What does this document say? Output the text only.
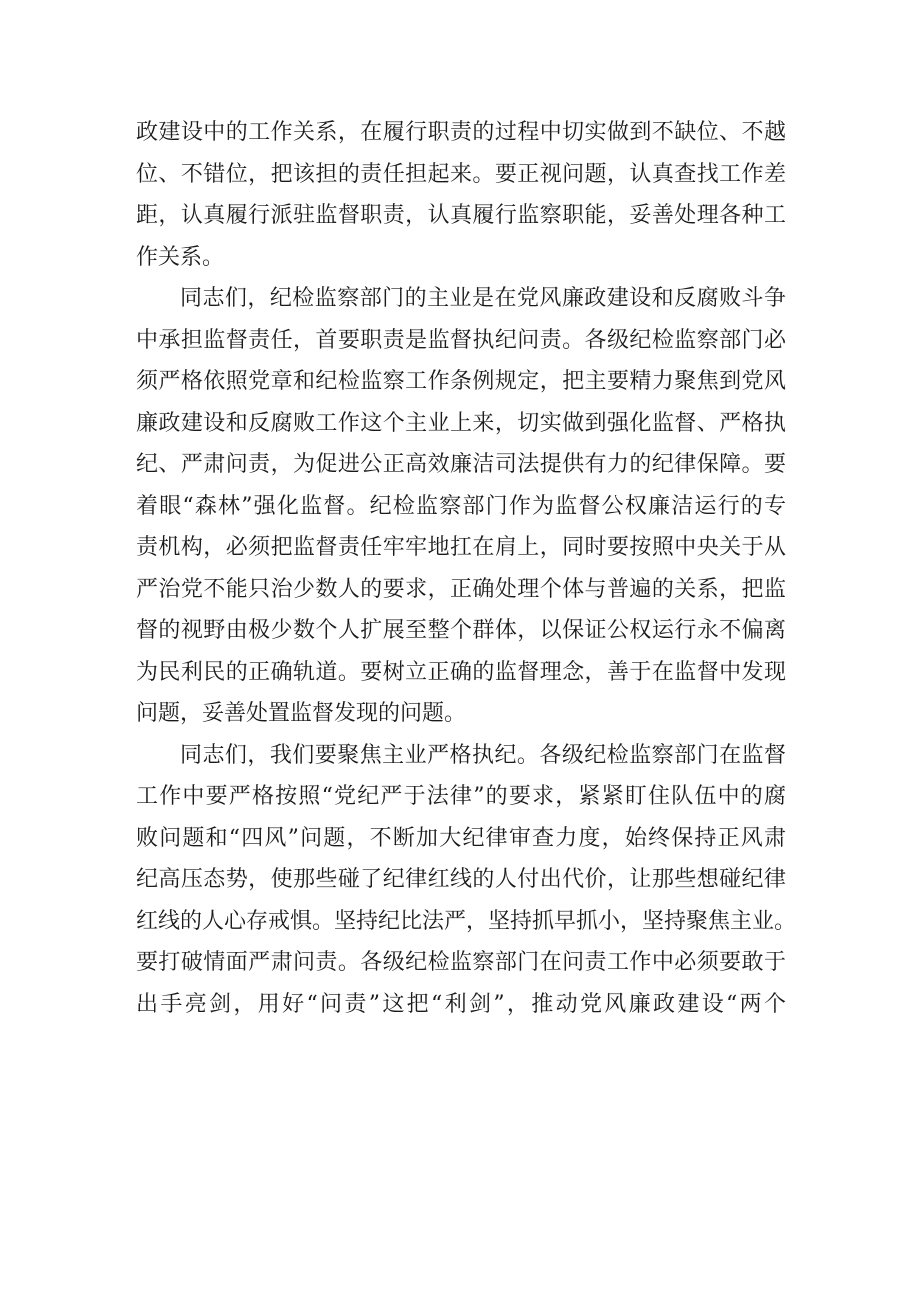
政建设中的工作关系，在履行职责的过程中切实做到不缺位、不越
位、不错位，把该担的责任担起来。要正视问题，认真查找工作差
距，认真履行派驻监督职责，认真履行监察职能，妥善处理各种工
作关系。
同志们，纪检监察部门的主业是在党风廉政建设和反腐败斗争
中承担监督责任，首要职责是监督执纪问责。各级纪检监察部门必
须严格依照党章和纪检监察工作条例规定，把主要精力聚焦到党风
廉政建设和反腐败工作这个主业上来，切实做到强化监督、严格执
纪、严肃问责，为促进公正高效廉洁司法提供有力的纪律保障。要
着眼“森林”强化监督。纪检监察部门作为监督公权廉洁运行的专
责机构，必须把监督责任牢牢地扛在肩上，同时要按照中央关于从
严治党不能只治少数人的要求，正确处理个体与普遍的关系，把监
督的视野由极少数个人扩展至整个群体，以保证公权运行永不偏离
为民利民的正确轨道。要树立正确的监督理念，善于在监督中发现
问题，妥善处置监督发现的问题。
同志们，我们要聚焦主业严格执纪。各级纪检监察部门在监督
工作中要严格按照“党纪严于法律”的要求，紧紧盯住队伍中的腐
败问题和“四风”问题，不断加大纪律审查力度，始终保持正风肃
纪高压态势，使那些碰了纪律红线的人付出代价，让那些想碰纪律
红线的人心存戒惧。坚持纪比法严，坚持抓早抓小，坚持聚焦主业。
要打破情面严肃问责。各级纪检监察部门在问责工作中必须要敢于
出手亮剑，用好“问责”这把“利剑”，推动党风廉政建设“两个
